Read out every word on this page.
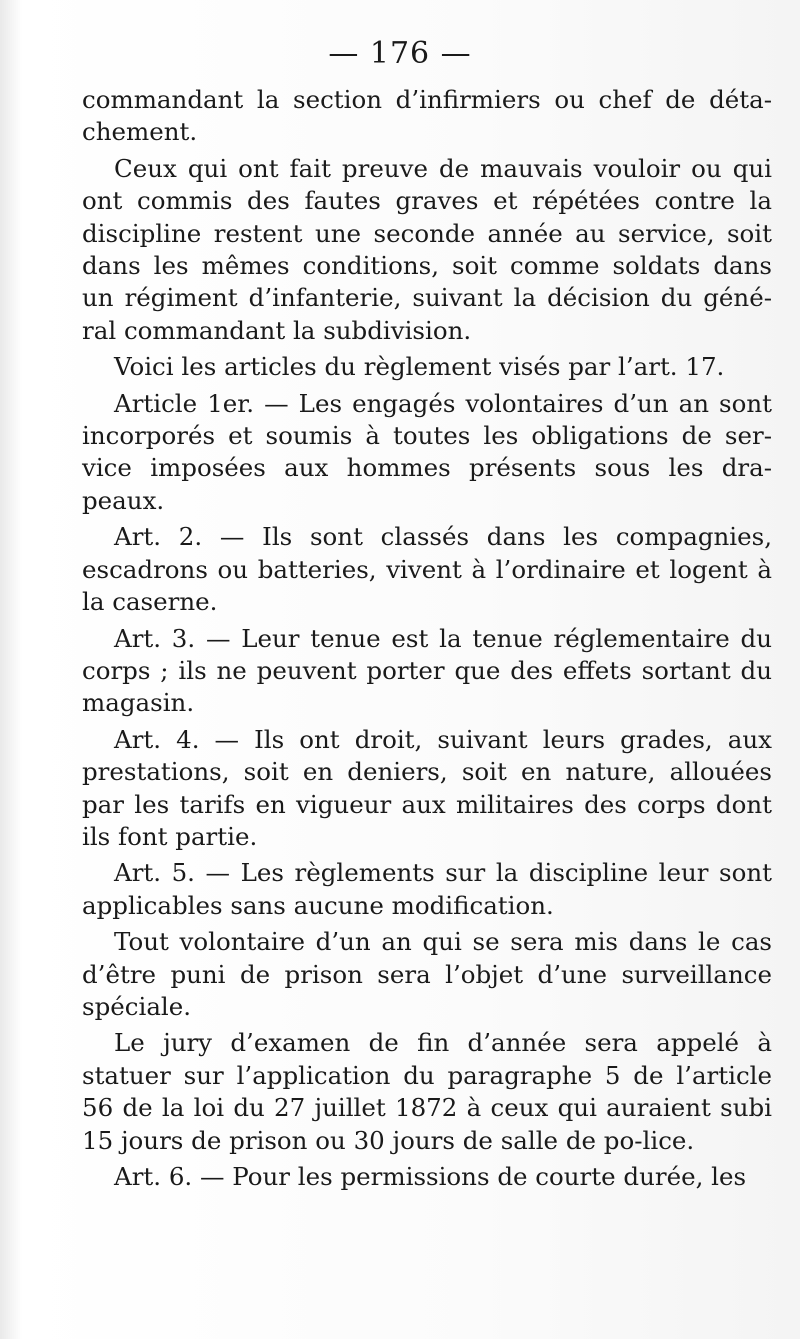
— 176 —

commandant la section d’infirmiers ou chef de déta-chement.

Ceux qui ont fait preuve de mauvais vouloir ou qui ont commis des fautes graves et répétées contre la discipline restent une seconde année au service, soit dans les mêmes conditions, soit comme soldats dans un régiment d’infanterie, suivant la décision du géné-ral commandant la subdivision.

Voici les articles du règlement visés par l’art. 17.

Article 1er. — Les engagés volontaires d’un an sont incorporés et soumis à toutes les obligations de ser-vice imposées aux hommes présents sous les dra-peaux.

Art. 2. — Ils sont classés dans les compagnies, escadrons ou batteries, vivent à l’ordinaire et logent à la caserne.

Art. 3. — Leur tenue est la tenue réglementaire du corps ; ils ne peuvent porter que des effets sortant du magasin.

Art. 4. — Ils ont droit, suivant leurs grades, aux prestations, soit en deniers, soit en nature, allouées par les tarifs en vigueur aux militaires des corps dont ils font partie.

Art. 5. — Les règlements sur la discipline leur sont applicables sans aucune modification.

Tout volontaire d’un an qui se sera mis dans le cas d’être puni de prison sera l’objet d’une surveillance spéciale.

Le jury d’examen de fin d’année sera appelé à statuer sur l’application du paragraphe 5 de l’article 56 de la loi du 27 juillet 1872 à ceux qui auraient subi 15 jours de prison ou 30 jours de salle de po-lice.

Art. 6. — Pour les permissions de courte durée, les
